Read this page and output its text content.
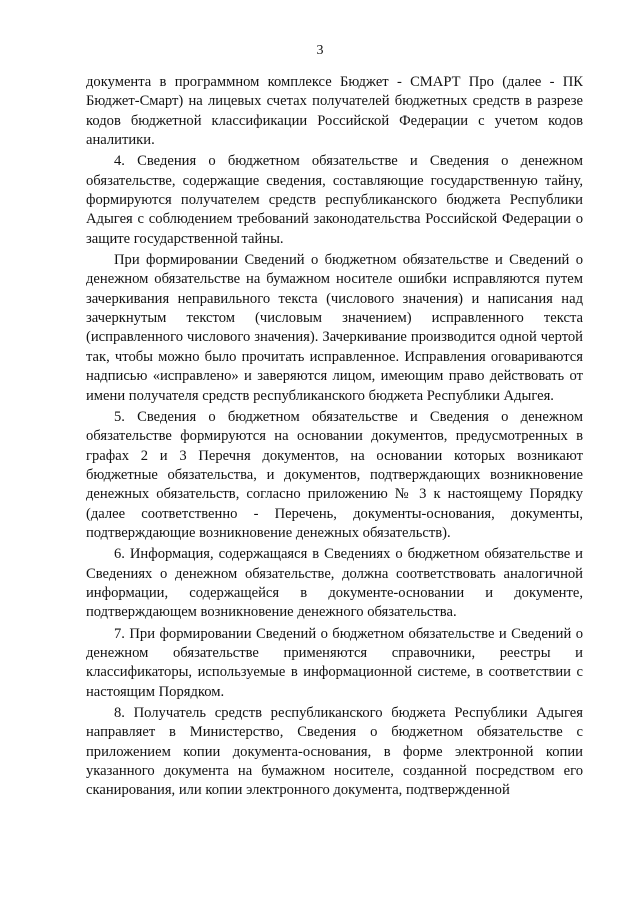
3

документа в программном комплексе Бюджет - СМАРТ Про (далее - ПК Бюджет-Смарт) на лицевых счетах получателей бюджетных средств в разрезе кодов бюджетной классификации Российской Федерации с учетом кодов аналитики.

4. Сведения о бюджетном обязательстве и Сведения о денежном обязательстве, содержащие сведения, составляющие государственную тайну, формируются получателем средств республиканского бюджета Республики Адыгея с соблюдением требований законодательства Российской Федерации о защите государственной тайны.

При формировании Сведений о бюджетном обязательстве и Сведений о денежном обязательстве на бумажном носителе ошибки исправляются путем зачеркивания неправильного текста (числового значения) и написания над зачеркнутым текстом (числовым значением) исправленного текста (исправленного числового значения). Зачеркивание производится одной чертой так, чтобы можно было прочитать исправленное. Исправления оговариваются надписью «исправлено» и заверяются лицом, имеющим право действовать от имени получателя средств республиканского бюджета Республики Адыгея.

5. Сведения о бюджетном обязательстве и Сведения о денежном обязательстве формируются на основании документов, предусмотренных в графах 2 и 3 Перечня документов, на основании которых возникают бюджетные обязательства, и документов, подтверждающих возникновение денежных обязательств, согласно приложению № 3 к настоящему Порядку (далее соответственно - Перечень, документы-основания, документы, подтверждающие возникновение денежных обязательств).

6. Информация, содержащаяся в Сведениях о бюджетном обязательстве и Сведениях о денежном обязательстве, должна соответствовать аналогичной информации, содержащейся в документе-основании и документе, подтверждающем возникновение денежного обязательства.

7. При формировании Сведений о бюджетном обязательстве и Сведений о денежном обязательстве применяются справочники, реестры и классификаторы, используемые в информационной системе, в соответствии с настоящим Порядком.

8. Получатель средств республиканского бюджета Республики Адыгея направляет в Министерство, Сведения о бюджетном обязательстве с приложением копии документа-основания, в форме электронной копии указанного документа на бумажном носителе, созданной посредством его сканирования, или копии электронного документа, подтвержденной
